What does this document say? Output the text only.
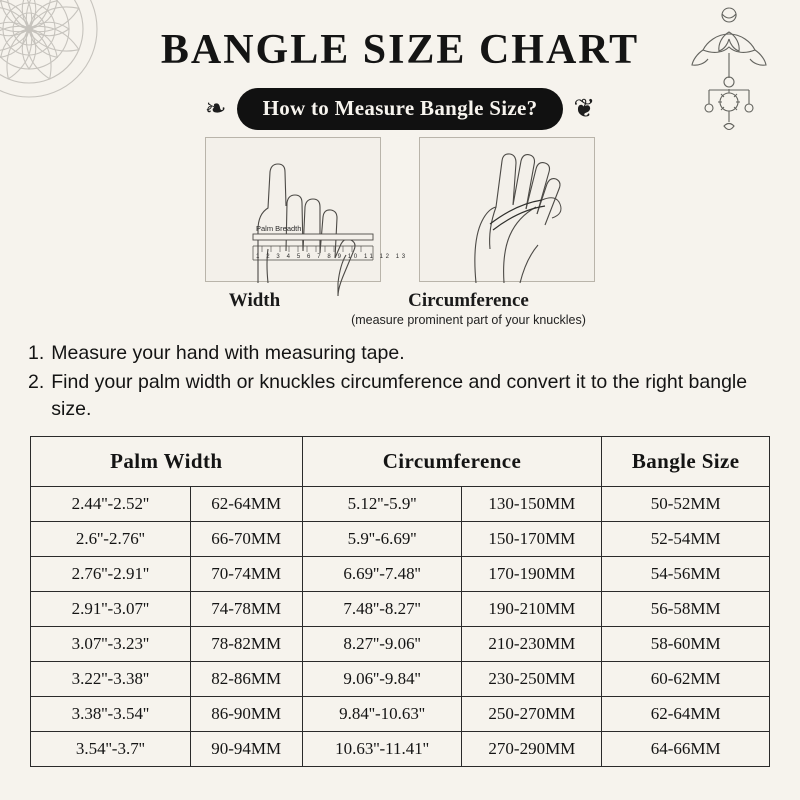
BANGLE SIZE CHART
❧	How to Measure Bangle Size?	❦
Palm Breadth
1 2 3 4 5 6 7 8 9 10 11 12 13
Width	Circumference
(measure prominent part of your knuckles)
1. Measure your hand with measuring tape.
2. Find your palm width or knuckles circumference and convert it to the right bangle size.
Palm Width		Circumference		Bangle Size
2.44''-2.52''	62-64MM	5.12''-5.9''	130-150MM	50-52MM
2.6''-2.76''	66-70MM	5.9''-6.69''	150-170MM	52-54MM
2.76''-2.91''	70-74MM	6.69''-7.48''	170-190MM	54-56MM
2.91''-3.07''	74-78MM	7.48''-8.27''	190-210MM	56-58MM
3.07''-3.23''	78-82MM	8.27''-9.06''	210-230MM	58-60MM
3.22''-3.38''	82-86MM	9.06''-9.84''	230-250MM	60-62MM
3.38''-3.54''	86-90MM	9.84''-10.63''	250-270MM	62-64MM
3.54''-3.7''	90-94MM	10.63''-11.41''	270-290MM	64-66MM
